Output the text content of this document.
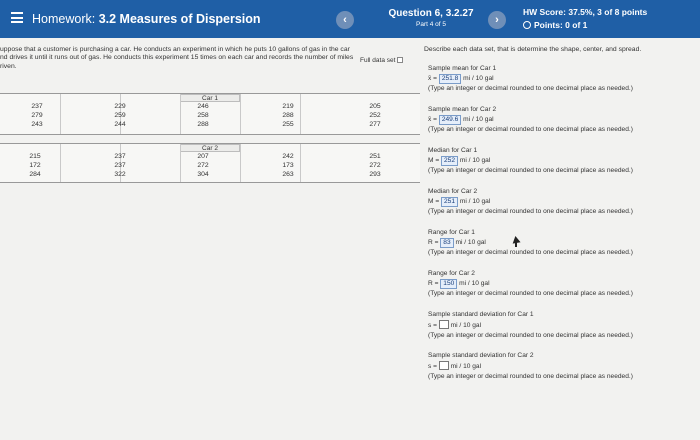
Homework: 3.2 Measures of Dispersion	‹
Question 6, 3.2.27
Part 4 of 5	›
HW Score: 37.5%, 3 of 8 points
Points: 0 of 1
uppose that a customer is purchasing a car. He conducts an experiment in which he puts 10 gallons of gas in the car
nd drives it until it runs out of gas. He conducts this experiment 15 times on each car and records the number of miles
riven.
Full data set
Car 1
237
279
243
229
259
244
246
258
288
219
288
255
205
252
277
Car 2
215
172
284
237
237
322
207
272
304
242
173
263
251
272
293
Describe each data set, that is determine the shape, center, and spread.
Sample mean for Car 1
x̄ = 251.8 mi / 10 gal
(Type an integer or decimal rounded to one decimal place as needed.)
Sample mean for Car 2
x̄ = 249.6 mi / 10 gal
(Type an integer or decimal rounded to one decimal place as needed.)
Median for Car 1
M = 252 mi / 10 gal
(Type an integer or decimal rounded to one decimal place as needed.)
Median for Car 2
M = 251 mi / 10 gal
(Type an integer or decimal rounded to one decimal place as needed.)
Range for Car 1
R = 83 mi / 10 gal
(Type an integer or decimal rounded to one decimal place as needed.)
Range for Car 2
R = 150 mi / 10 gal
(Type an integer or decimal rounded to one decimal place as needed.)
Sample standard deviation for Car 1
s =  mi / 10 gal
(Type an integer or decimal rounded to one decimal place as needed.)
Sample standard deviation for Car 2
s =  mi / 10 gal
(Type an integer or decimal rounded to one decimal place as needed.)
